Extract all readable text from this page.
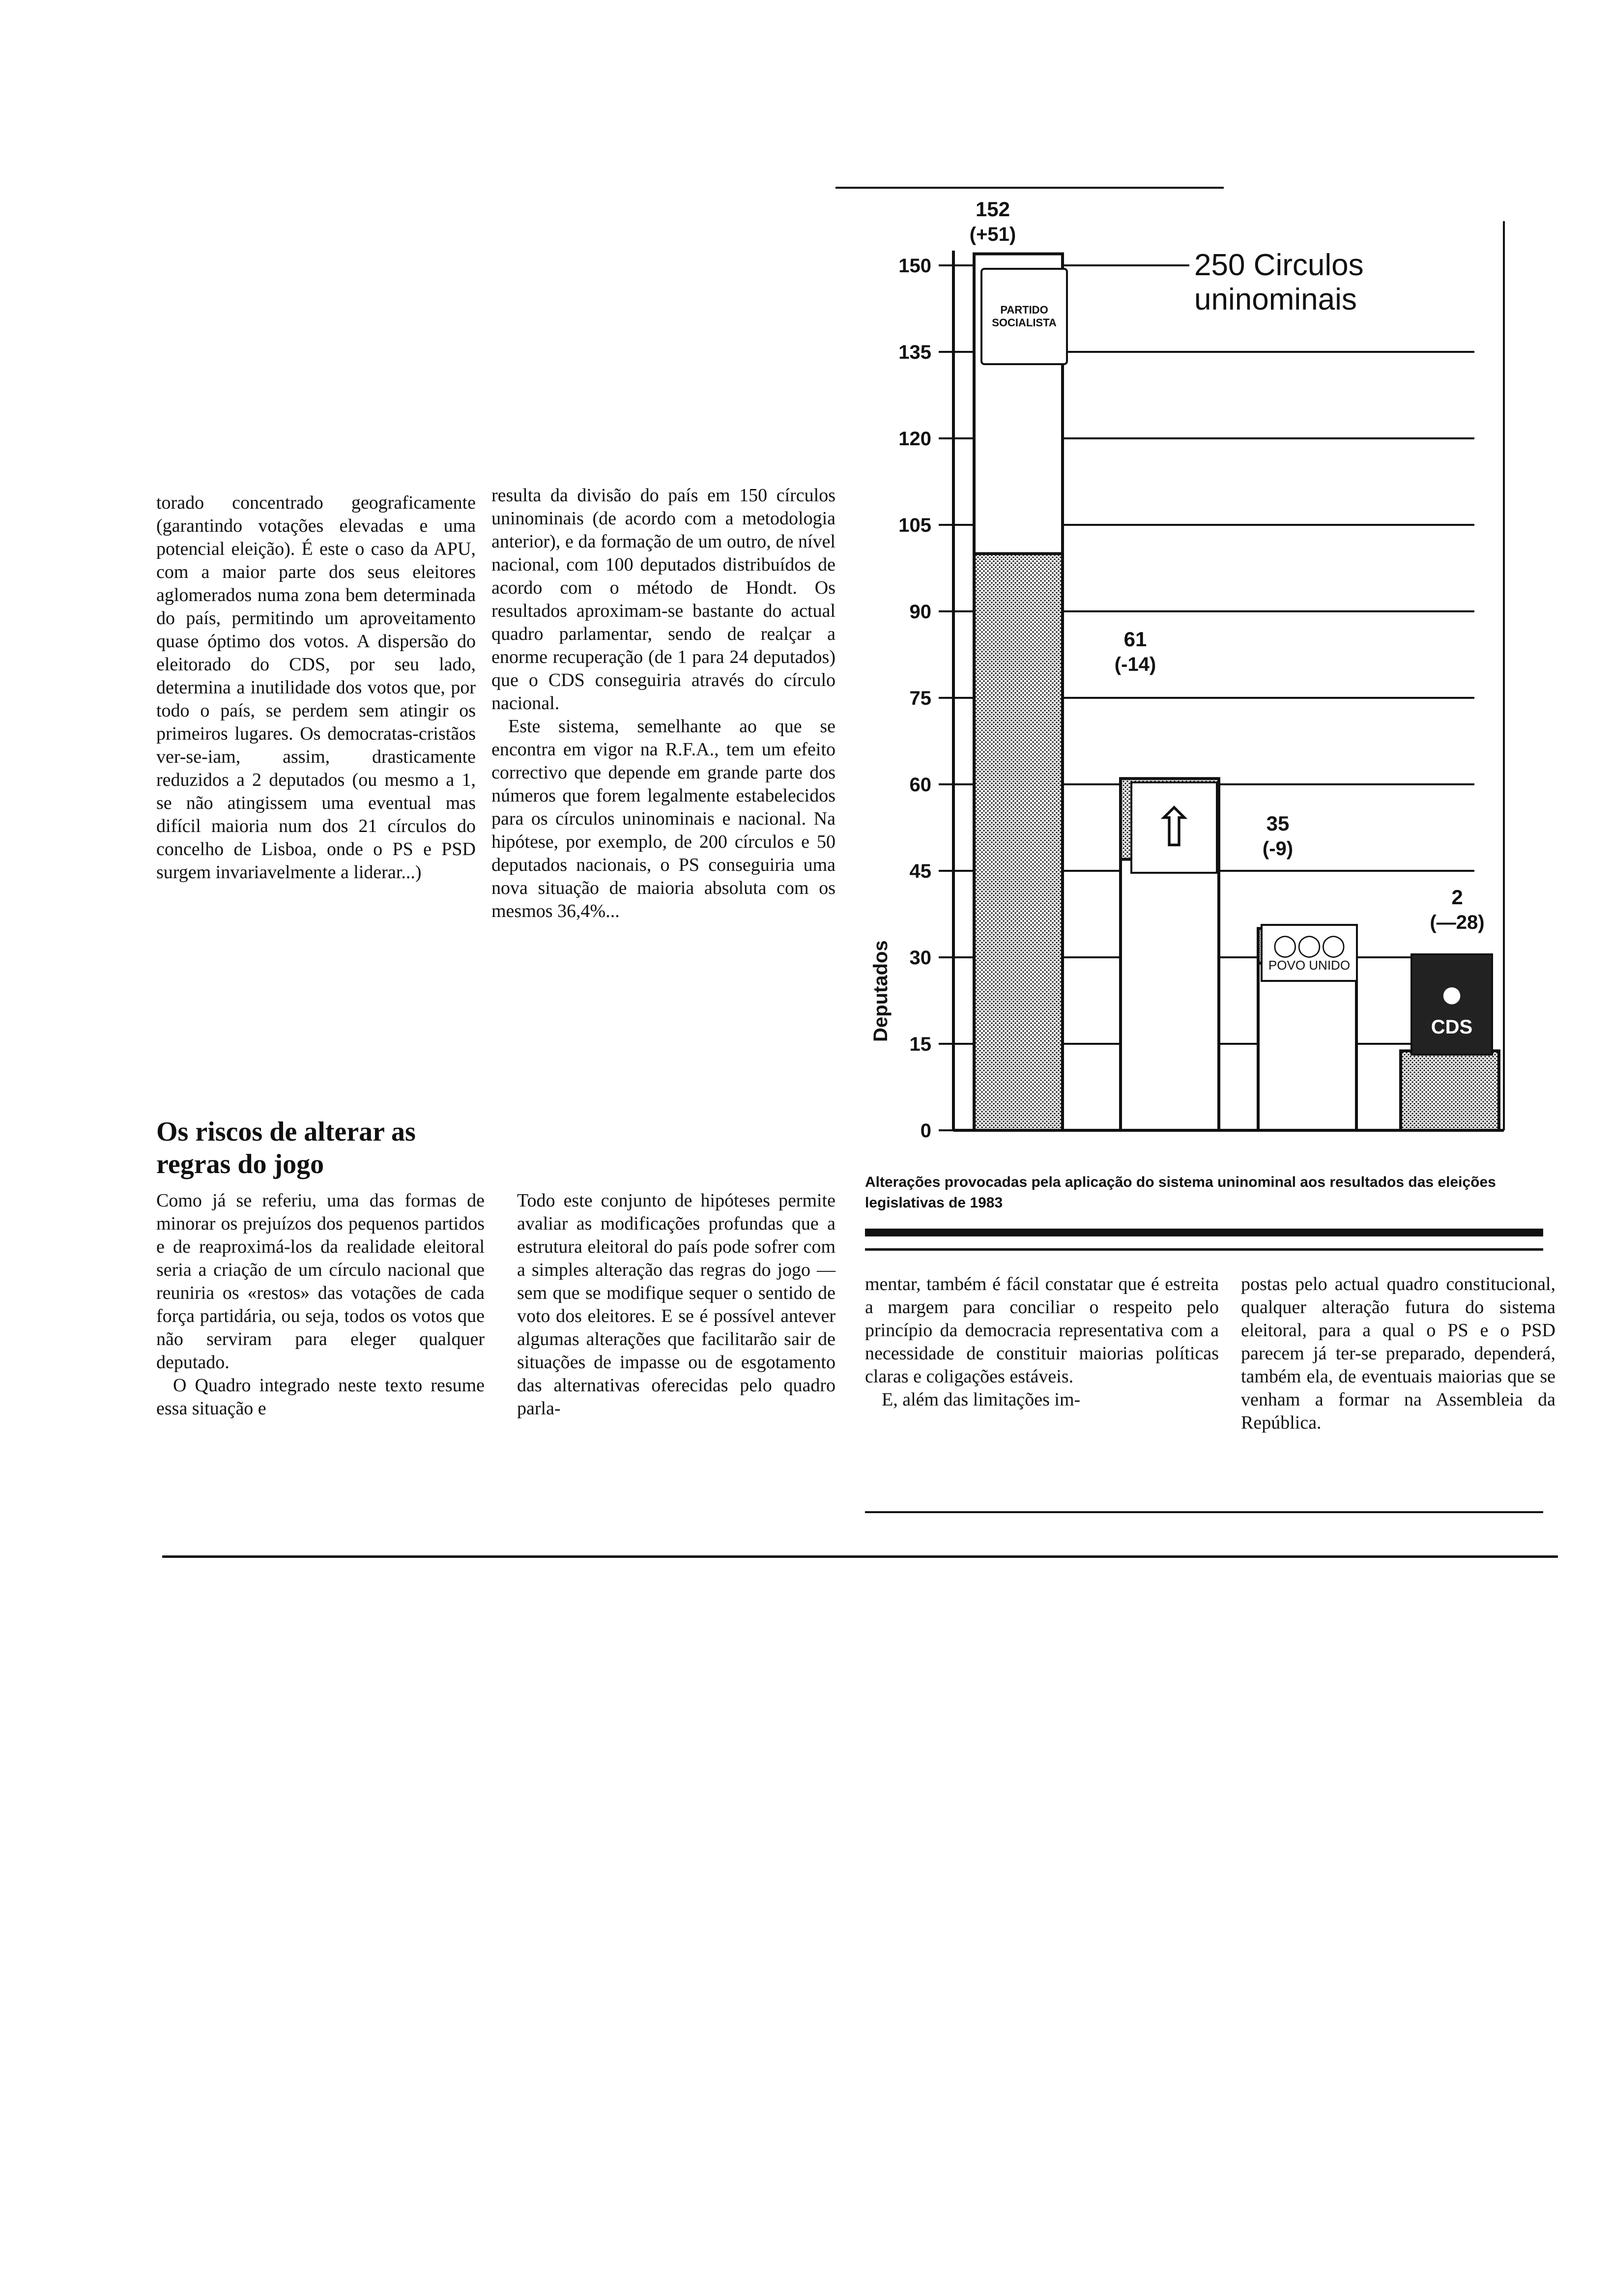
torado concentrado geograficamente (garantindo votações elevadas e uma potencial eleição). É este o caso da APU, com a maior parte dos seus eleitores aglomerados numa zona bem determinada do país, permitindo um aproveitamento quase óptimo dos votos. A dispersão do eleitorado do CDS, por seu lado, determina a inutilidade dos votos que, por todo o país, se perdem sem atingir os primeiros lugares. Os democratas-cristãos ver-se-iam, assim, drasticamente reduzidos a 2 deputados (ou mesmo a 1, se não atingissem uma eventual mas difícil maioria num dos 21 círculos do concelho de Lisboa, onde o PS e PSD surgem invariavelmente a liderar...)

resulta da divisão do país em 150 círculos uninominais (de acordo com a metodologia anterior), e da formação de um outro, de nível nacional, com 100 deputados distribuídos de acordo com o método de Hondt. Os resultados aproximam-se bastante do actual quadro parlamentar, sendo de realçar a enorme recuperação (de 1 para 24 deputados) que o CDS conseguiria através do círculo nacional.

Este sistema, semelhante ao que se encontra em vigor na R.F.A., tem um efeito correctivo que depende em grande parte dos números que forem legalmente estabelecidos para os círculos uninominais e nacional. Na hipótese, por exemplo, de 200 círculos e 50 deputados nacionais, o PS conseguiria uma nova situação de maioria absoluta com os mesmos 36,4%...

Os riscos de alterar as regras do jogo

Como já se referiu, uma das formas de minorar os prejuízos dos pequenos partidos e de reaproximá-los da realidade eleitoral seria a criação de um círculo nacional que reuniria os «restos» das votações de cada força partidária, ou seja, todos os votos que não serviram para eleger qualquer deputado.

O Quadro integrado neste texto resume essa situação e

Todo este conjunto de hipóteses permite avaliar as modificações profundas que a estrutura eleitoral do país pode sofrer com a simples alteração das regras do jogo — sem que se modifique sequer o sentido de voto dos eleitores. E se é possível antever algumas alterações que facilitarão sair de situações de impasse ou de esgotamento das alternativas oferecidas pelo quadro parla-

mentar, também é fácil constatar que é estreita a margem para conciliar o respeito pelo princípio da democracia representativa com a necessidade de constituir maiorias políticas claras e coligações estáveis.

E, além das limitações im-

postas pelo actual quadro constitucional, qualquer alteração futura do sistema eleitoral, para a qual o PS e o PSD parecem já ter-se preparado, dependerá, também ela, de eventuais maiorias que se venham a formar na Assembleia da República.

0
15
30
45
60
75
90
105
120
135
150
152
(+51)
61
(-14)
35
(-9)
2
(—28)
250 Circulos uninominais
Deputados
Alterações provocadas pela aplicação do sistema uninominal aos resultados das eleições legislativas de 1983
PARTIDO SOCIALISTA
⇧
◯◯◯
POVO UNIDO
●
CDS
